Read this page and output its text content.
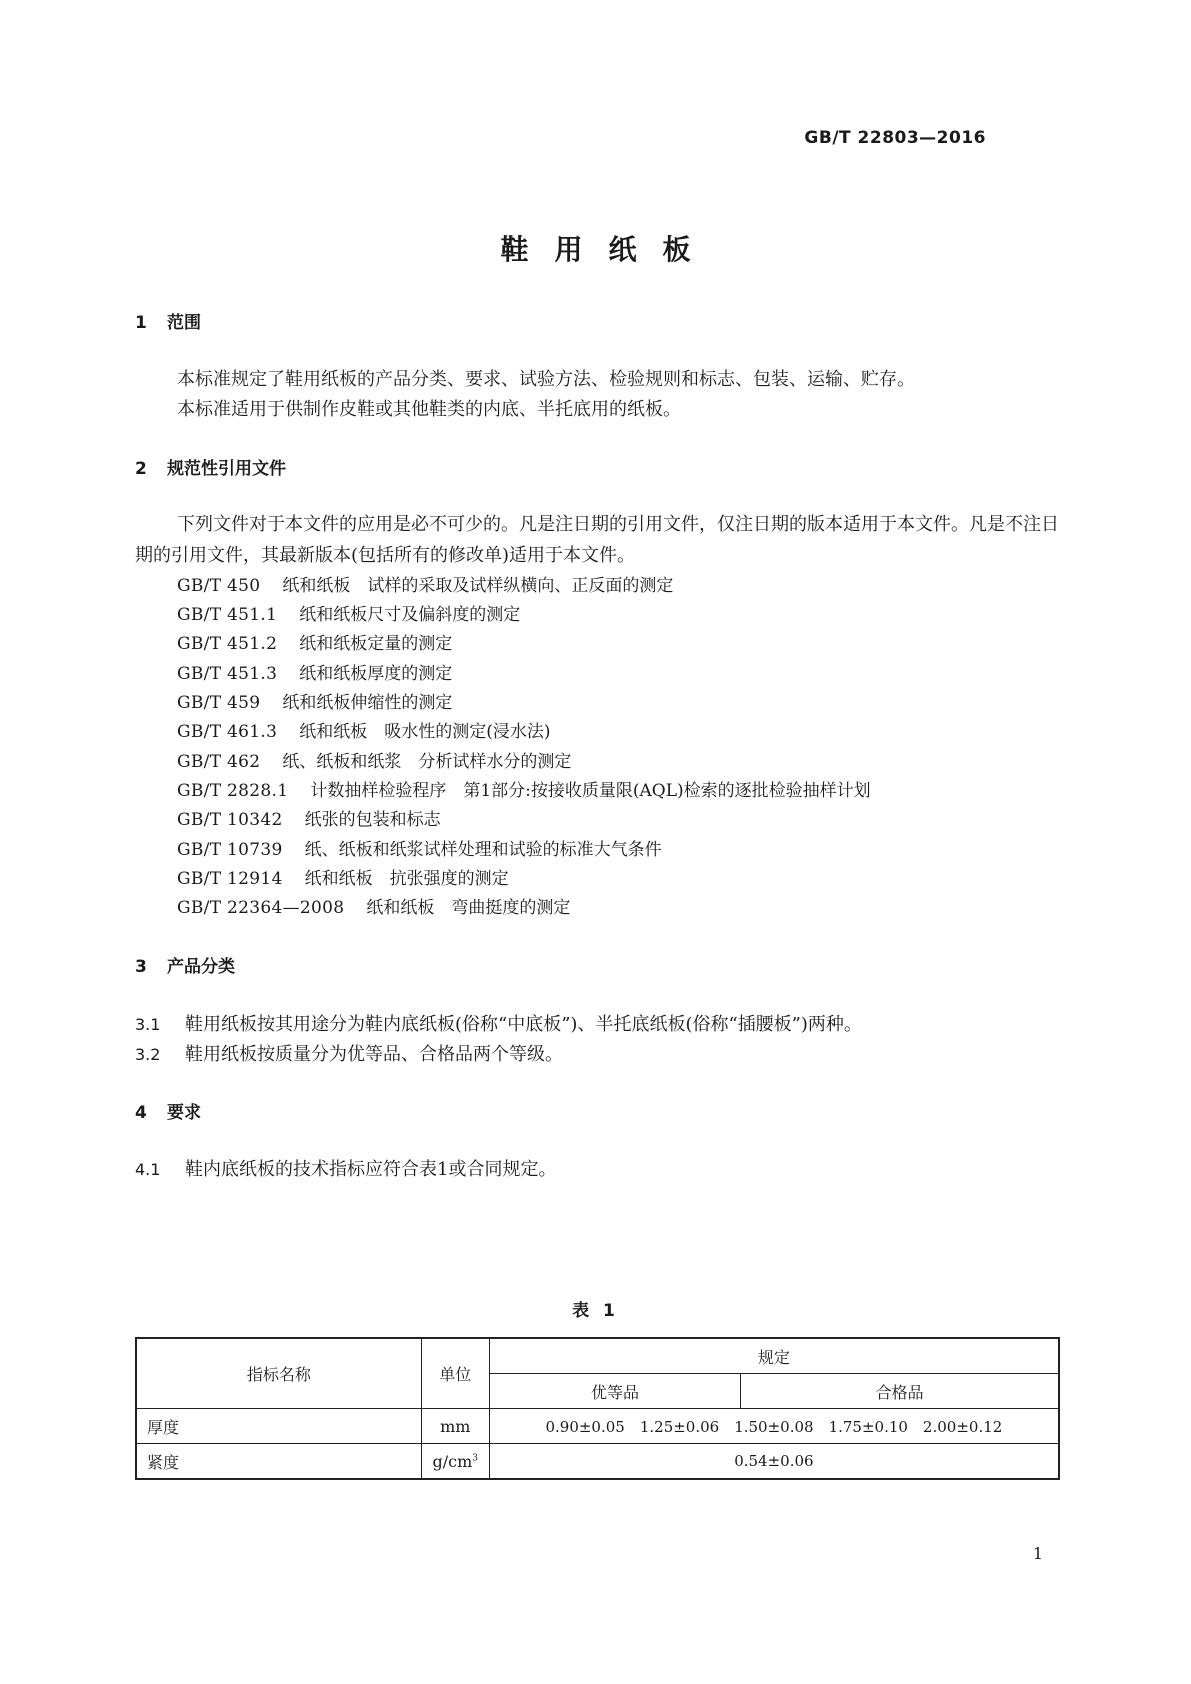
GB/T 22803—2016
鞋用纸板
1 范围
本标准规定了鞋用纸板的产品分类、要求、试验方法、检验规则和标志、包装、运输、贮存。
本标准适用于供制作皮鞋或其他鞋类的内底、半托底用的纸板。
2 规范性引用文件
下列文件对于本文件的应用是必不可少的。凡是注日期的引用文件，仅注日期的版本适用于本文件。凡是不注日期的引用文件，其最新版本(包括所有的修改单)适用于本文件。
GB/T 450 纸和纸板　试样的采取及试样纵横向、正反面的测定
GB/T 451.1 纸和纸板尺寸及偏斜度的测定
GB/T 451.2 纸和纸板定量的测定
GB/T 451.3 纸和纸板厚度的测定
GB/T 459 纸和纸板伸缩性的测定
GB/T 461.3 纸和纸板　吸水性的测定(浸水法)
GB/T 462 纸、纸板和纸浆　分析试样水分的测定
GB/T 2828.1 计数抽样检验程序　第1部分:按接收质量限(AQL)检索的逐批检验抽样计划
GB/T 10342 纸张的包装和标志
GB/T 10739 纸、纸板和纸浆试样处理和试验的标准大气条件
GB/T 12914 纸和纸板　抗张强度的测定
GB/T 22364—2008 纸和纸板　弯曲挺度的测定
3 产品分类
3.1 鞋用纸板按其用途分为鞋内底纸板(俗称“中底板”)、半托底纸板(俗称“插腰板”)两种。
3.2 鞋用纸板按质量分为优等品、合格品两个等级。
4 要求
4.1 鞋内底纸板的技术指标应符合表1或合同规定。
表 1
指标名称	单位	规定	
		优等品	合格品
厚度	mm	0.90±0.05　1.25±0.06　1.50±0.08　1.75±0.10　2.00±0.12	
紧度	$g/cm^3$	0.54±0.06	
1
